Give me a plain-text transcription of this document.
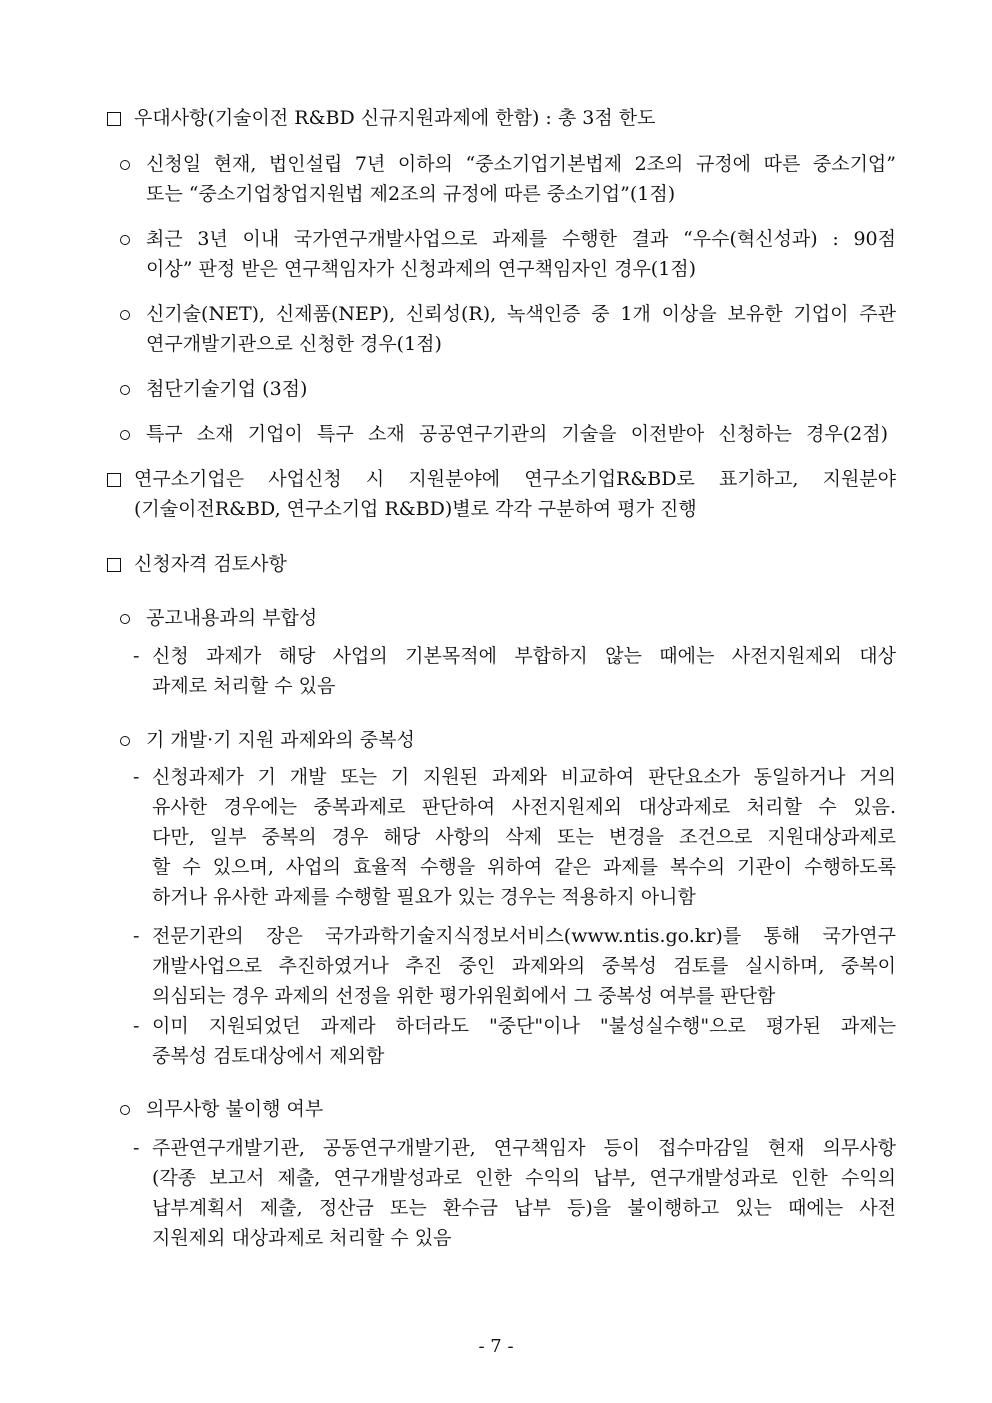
우대사항(기술이전 R&BD 신규지원과제에 한함) : 총 3점 한도
신청일 현재, 법인설립 7년 이하의 “중소기업기본법제 2조의 규정에 따른 중소기업”
또는 “중소기업창업지원법 제2조의 규정에 따른 중소기업”(1점)
최근 3년 이내 국가연구개발사업으로 과제를 수행한 결과 “우수(혁신성과) : 90점
이상” 판정 받은 연구책임자가 신청과제의 연구책임자인 경우(1점)
신기술(NET), 신제품(NEP), 신뢰성(R), 녹색인증 중 1개 이상을 보유한 기업이 주관
연구개발기관으로 신청한 경우(1점)
첨단기술기업 (3점)
특구 소재 기업이 특구 소재 공공연구기관의 기술을 이전받아 신청하는 경우(2점)
연구소기업은 사업신청 시 지원분야에 연구소기업R&BD로 표기하고, 지원분야
(기술이전R&BD, 연구소기업 R&BD)별로 각각 구분하여 평가 진행
신청자격 검토사항
공고내용과의 부합성
- 신청 과제가 해당 사업의 기본목적에 부합하지 않는 때에는 사전지원제외 대상
과제로 처리할 수 있음
기 개발·기 지원 과제와의 중복성
- 신청과제가 기 개발 또는 기 지원된 과제와 비교하여 판단요소가 동일하거나 거의
유사한 경우에는 중복과제로 판단하여 사전지원제외 대상과제로 처리할 수 있음.
다만, 일부 중복의 경우 해당 사항의 삭제 또는 변경을 조건으로 지원대상과제로
할 수 있으며, 사업의 효율적 수행을 위하여 같은 과제를 복수의 기관이 수행하도록
하거나 유사한 과제를 수행할 필요가 있는 경우는 적용하지 아니함
- 전문기관의 장은 국가과학기술지식정보서비스(www.ntis.go.kr)를 통해 국가연구
개발사업으로 추진하였거나 추진 중인 과제와의 중복성 검토를 실시하며, 중복이
의심되는 경우 과제의 선정을 위한 평가위원회에서 그 중복성 여부를 판단함
- 이미 지원되었던 과제라 하더라도 "중단"이나 "불성실수행"으로 평가된 과제는
중복성 검토대상에서 제외함
의무사항 불이행 여부
- 주관연구개발기관, 공동연구개발기관, 연구책임자 등이 접수마감일 현재 의무사항
(각종 보고서 제출, 연구개발성과로 인한 수익의 납부, 연구개발성과로 인한 수익의
납부계획서 제출, 정산금 또는 환수금 납부 등)을 불이행하고 있는 때에는 사전
지원제외 대상과제로 처리할 수 있음
- 7 -
